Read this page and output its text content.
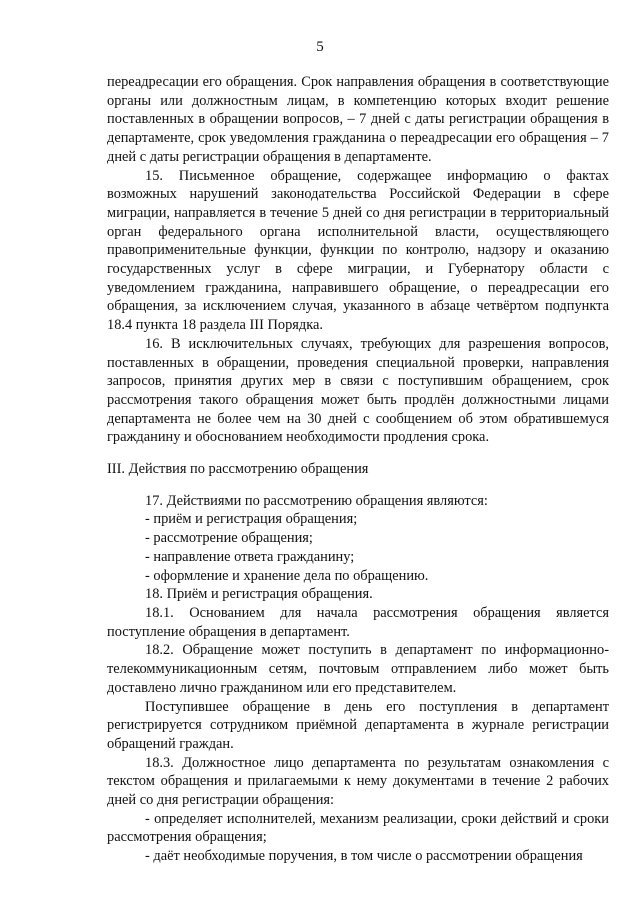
5

переадресации его обращения. Срок направления обращения в соответствующие органы или должностным лицам, в компетенцию которых входит решение поставленных в обращении вопросов, – 7 дней с даты регистрации обращения в департаменте, срок уведомления гражданина о переадресации его обращения – 7 дней с даты регистрации обращения в департаменте.

15. Письменное обращение, содержащее информацию о фактах возможных нарушений законодательства Российской Федерации в сфере миграции, направляется в течение 5 дней со дня регистрации в территориальный орган федерального органа исполнительной власти, осуществляющего правоприменительные функции, функции по контролю, надзору и оказанию государственных услуг в сфере миграции, и Губернатору области с уведомлением гражданина, направившего обращение, о переадресации его обращения, за исключением случая, указанного в абзаце четвёртом подпункта 18.4 пункта 18 раздела III Порядка.

16. В исключительных случаях, требующих для разрешения вопросов, поставленных в обращении, проведения специальной проверки, направления запросов, принятия других мер в связи с поступившим обращением, срок рассмотрения такого обращения может быть продлён должностными лицами департамента не более чем на 30 дней с сообщением об этом обратившемуся гражданину и обоснованием необходимости продления срока.

III. Действия по рассмотрению обращения

17. Действиями по рассмотрению обращения являются:

- приём и регистрация обращения;

- рассмотрение обращения;

- направление ответа гражданину;

- оформление и хранение дела по обращению.

18. Приём и регистрация обращения.

18.1. Основанием для начала рассмотрения обращения является поступление обращения в департамент.

18.2. Обращение может поступить в департамент по информационно-телекоммуникационным сетям, почтовым отправлением либо может быть доставлено лично гражданином или его представителем.

Поступившее обращение в день его поступления в департамент регистрируется сотрудником приёмной департамента в журнале регистрации обращений граждан.

18.3. Должностное лицо департамента по результатам ознакомления с текстом обращения и прилагаемыми к нему документами в течение 2 рабочих дней со дня регистрации обращения:

- определяет исполнителей, механизм реализации, сроки действий и сроки рассмотрения обращения;

- даёт необходимые поручения, в том числе о рассмотрении обращения
